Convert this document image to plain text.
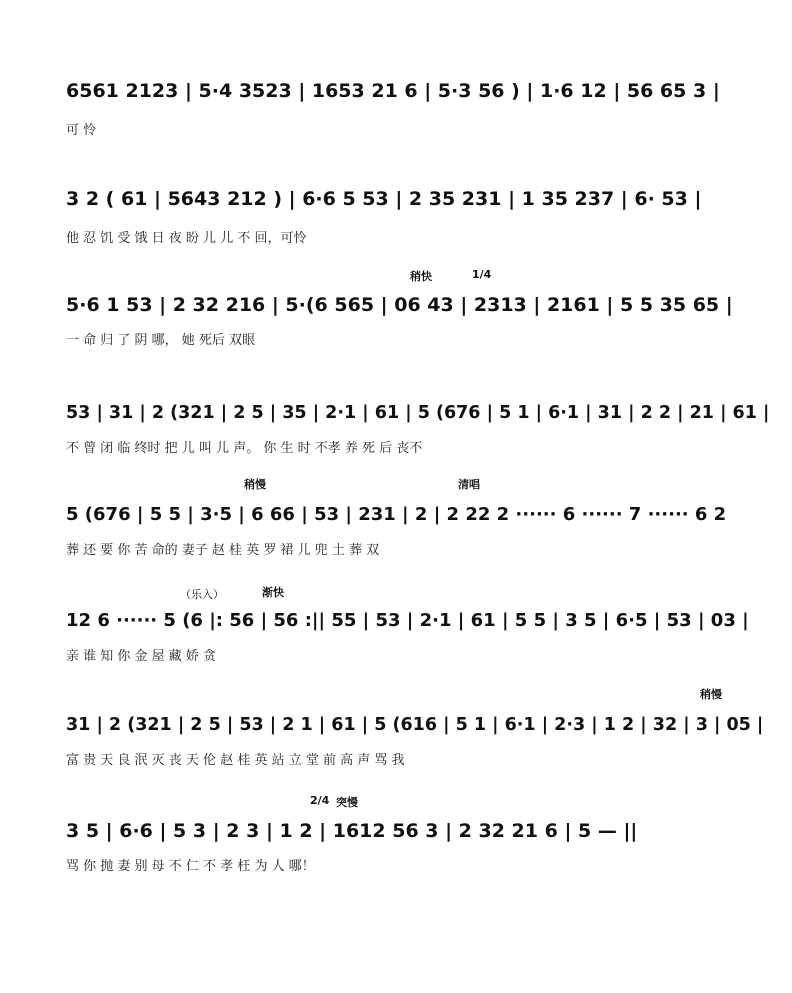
6561 2123 | 5·4 3523 | 1653 21 6 | 5·3 56 ) | 1·6 12 | 56 65 3 |
可 怜
3 2 ( 61 | 5643 212 ) | 6·6 5 53 | 2 35 231 | 1 35 237 | 6· 53 |
他 忍 饥 受 饿 日 夜 盼 儿 儿 不 回，可怜
稍快	1/4
5·6 1 53 | 2 32 216 | 5·(6 565 | 06 43 | 2313 | 2161 | 5 5 35 65 |
一 命 归 了 阴 哪， 她 死后 双眼
53 | 31 | 2 (321 | 2 5 | 35 | 2·1 | 61 | 5 (676 | 5 1 | 6·1 | 31 | 2 2 | 21 | 61 |
不 曾 闭 临 终时 把 儿 叫 儿 声。 你 生 时 不孝 养 死 后 丧不
稍慢	清唱
5 (676 | 5 5 | 3·5 | 6 66 | 53 | 231 | 2 | 2 22 2 ······ 6 ······ 7 ······ 6 2
葬 还 要 你 苦 命的 妻子 赵 桂 英 罗 裙 儿 兜 土 葬 双
（乐入）	渐快
12 6 ······ 5 (6 |: 56 | 56 :|| 55 | 53 | 2·1 | 61 | 5 5 | 3 5 | 6·5 | 53 | 03 |
亲 谁 知 你 金 屋 藏 娇 贪
稍慢
31 | 2 (321 | 2 5 | 53 | 2 1 | 61 | 5 (616 | 5 1 | 6·1 | 2·3 | 1 2 | 32 | 3 | 05 |
富 贵 天 良 泯 灭 丧 天 伦 赵 桂 英 站 立 堂 前 高 声 骂 我
2/4 突慢
3 5 | 6·6 | 5 3 | 2 3 | 1 2 | 1612 56 3 | 2 32 21 6 | 5 — ||
骂 你 抛 妻 别 母 不 仁 不 孝 枉 为 人 哪！
